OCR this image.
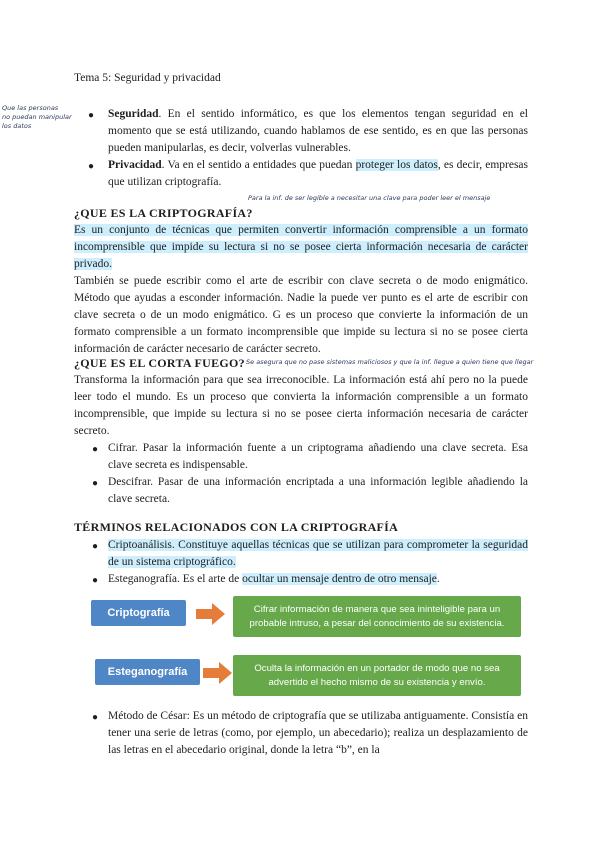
Tema 5: Seguridad y privacidad
Que las personas
no puedan manipular
los datos
● Seguridad. En el sentido informático, es que los elementos tengan seguridad en el momento que se está utilizando, cuando hablamos de ese sentido, es en que las personas pueden manipularlas, es decir, volverlas vulnerables.
● Privacidad. Va en el sentido a entidades que puedan proteger los datos, es decir, empresas que utilizan criptografía.
Para la inf. de ser legible a necesitar una clave para poder leer el mensaje
¿QUE ES LA CRIPTOGRAFÍA?
Es un conjunto de técnicas que permiten convertir información comprensible a un formato incomprensible que impide su lectura si no se posee cierta información necesaria de carácter privado.
También se puede escribir como el arte de escribir con clave secreta o de modo enigmático. Método que ayudas a esconder información. Nadie la puede ver punto es el arte de escribir con clave secreta o de un modo enigmático. G es un proceso que convierte la información de un formato comprensible a un formato incomprensible que impide su lectura si no se posee cierta información de carácter necesario de carácter secreto.
¿QUE ES EL CORTA FUEGO? Se asegura que no pase sistemas maliciosos y que la inf. llegue a quien tiene que llegar
Transforma la información para que sea irreconocible. La información está ahí pero no la puede leer todo el mundo. Es un proceso que convierta la información comprensible a un formato incomprensible, que impide su lectura si no se posee cierta información necesaria de carácter secreto.
● Cifrar. Pasar la información fuente a un criptograma añadiendo una clave secreta. Esa clave secreta es indispensable.
● Descifrar. Pasar de una información encriptada a una información legible añadiendo la clave secreta.
TÉRMINOS RELACIONADOS CON LA CRIPTOGRAFÍA
● Criptoanálisis. Constituye aquellas técnicas que se utilizan para comprometer la seguridad de un sistema criptográfico.
● Esteganografía. Es el arte de ocultar un mensaje dentro de otro mensaje.
Criptografía	Cifrar información de manera que sea ininteligible para un probable intruso, a pesar del conocimiento de su existencia.
Esteganografía	Oculta la información en un portador de modo que no sea advertido el hecho mismo de su existencia y envío.
● Método de César: Es un método de criptografía que se utilizaba antiguamente. Consistía en tener una serie de letras (como, por ejemplo, un abecedario); realiza un desplazamiento de las letras en el abecedario original, donde la letra “b”, en la
